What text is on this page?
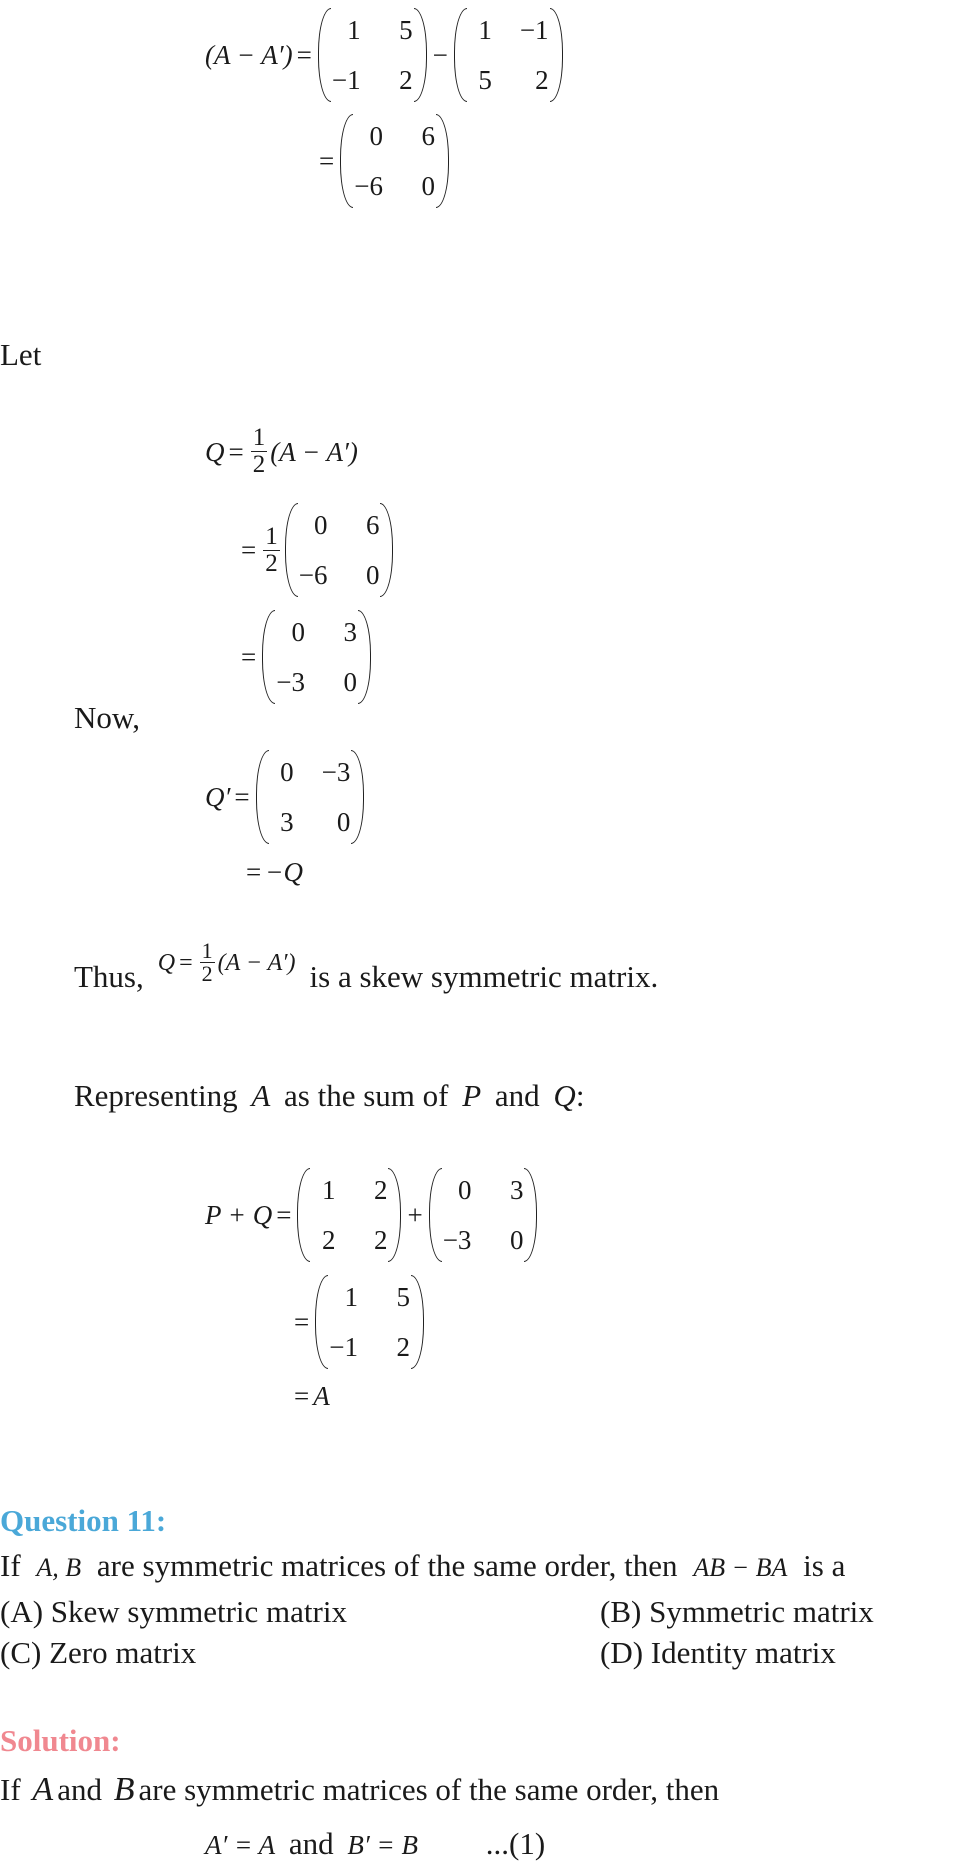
(A − A′) =
1	5
−1	2
−
1 −1
5	2
=
0	6
−6	0
Let
$Q = \frac{1}{2} (A - A')$
= $\frac{1}{2}$	0	6
−6	0
=
0	3
−3	0
Now,
Q′ =
0 −3
3	0
= −Q
Thus, $Q = \frac{1}{2} (A - A')$ is a skew symmetric matrix.
Representing A as the sum of P and Q:
P + Q =
1	2
2	2
+
0	3
−3	0
=
1	5
−1	2
= A
Question 11:
If A, B are symmetric matrices of the same order, then AB − BA is a
(A) Skew symmetric matrix	(B) Symmetric matrix
(C) Zero matrix	(D) Identity matrix
Solution:
If A and B are symmetric matrices of the same order, then
A′ = A and B′ = B ...(1)
